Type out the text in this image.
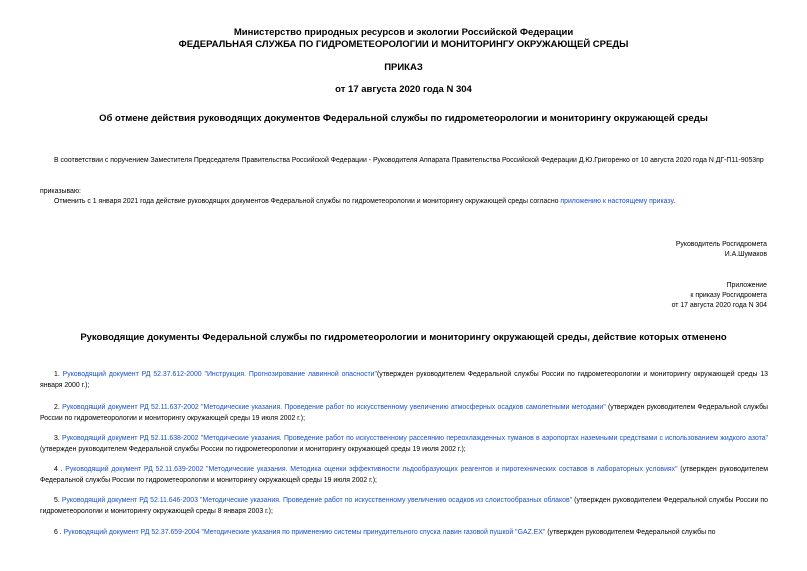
Министерство природных ресурсов и экологии Российской Федерации
ФЕДЕРАЛЬНАЯ СЛУЖБА ПО ГИДРОМЕТЕОРОЛОГИИ И МОНИТОРИНГУ ОКРУЖАЮЩЕЙ СРЕДЫ
ПРИКАЗ
от 17 августа 2020 года N 304
Об отмене действия руководящих документов Федеральной службы по гидрометеорологии и мониторингу окружающей среды
В соответствии с поручением Заместителя Председателя Правительства Российской Федерации - Руководителя Аппарата Правительства Российской Федерации Д.Ю.Григоренко от 10 августа 2020 года N ДГ-П11-9053пр
приказываю:
Отменить с 1 января 2021 года действие руководящих документов Федеральной службы по гидрометеорологии и мониторингу окружающей среды согласно приложению к настоящему приказу.
Руководитель Росгидромета
И.А.Шумаков
Приложение
к приказу Росгидромета
от 17 августа 2020 года N 304
Руководящие документы Федеральной службы по гидрометеорологии и мониторингу окружающей среды, действие которых отменено
1. Руководящий документ РД 52.37.612-2000 "Инструкция. Прогнозирование лавинной опасности"(утвержден руководителем Федеральной службы России по гидрометеорологии и мониторингу окружающей среды 13 января 2000 г.);
2. Руководящий документ РД 52.11.637-2002 "Методические указания. Проведение работ по искусственному увеличению атмосферных осадков самолетными методами" (утвержден руководителем Федеральной службы России по гидрометеорологии и мониторингу окружающей среды 19 июля 2002 г.);
3. Руководящий документ РД 52.11.638-2002 "Методические указания. Проведение работ по искусственному рассеянию переохлажденных туманов в аэропортах наземными средствами с использованием жидкого азота" (утвержден руководителем Федеральной службы России по гидрометеорологии и мониторингу окружающей среды 19 июля 2002 г.);
4 . Руководящий документ РД 52.11.639-2002 "Методические указания. Методика оценки эффективности льдообразующих реагентов и пиротехнических составов в лабораторных условиях" (утвержден руководителем Федеральной службы России по гидрометеорологии и мониторингу окружающей среды 19 июля 2002 г.);
5. Руководящий документ РД 52.11.646-2003 "Методические указания. Проведение работ по искусственному увеличению осадков из слоистообразных облаков" (утвержден руководителем Федеральной службы России по гидрометеорологии и мониторингу окружающей среды 8 января 2003 г.);
6 . Руководящий документ РД 52.37.659-2004 "Методические указания по применению системы принудительного спуска лавин газовой пушкой "GAZ.EX" (утвержден руководителем Федеральной службы по
